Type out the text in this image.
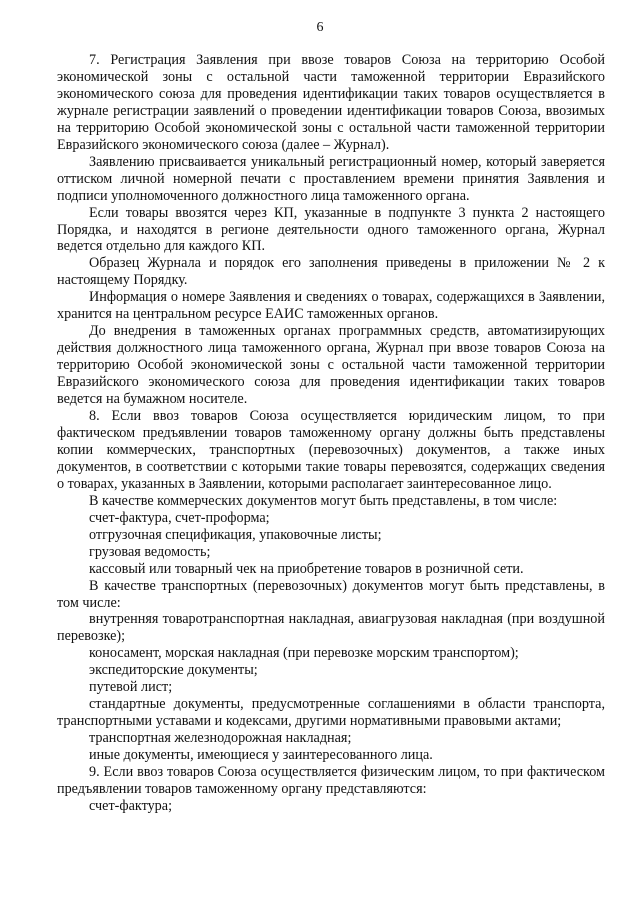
6

7. Регистрация Заявления при ввозе товаров Союза на территорию Особой экономической зоны с остальной части таможенной территории Евразийского экономического союза для проведения идентификации таких товаров осуществляется в журнале регистрации заявлений о проведении идентификации товаров Союза, ввозимых на территорию Особой экономической зоны с остальной части таможенной территории Евразийского экономического союза (далее – Журнал).

Заявлению присваивается уникальный регистрационный номер, который заверяется оттиском личной номерной печати с проставлением времени принятия Заявления и подписи уполномоченного должностного лица таможенного органа.

Если товары ввозятся через КП, указанные в подпункте 3 пункта 2 настоящего Порядка, и находятся в регионе деятельности одного таможенного органа, Журнал ведется отдельно для каждого КП.

Образец Журнала и порядок его заполнения приведены в приложении № 2 к настоящему Порядку.

Информация о номере Заявления и сведениях о товарах, содержащихся в Заявлении, хранится на центральном ресурсе ЕАИС таможенных органов.

До внедрения в таможенных органах программных средств, автоматизирующих действия должностного лица таможенного органа, Журнал при ввозе товаров Союза на территорию Особой экономической зоны с остальной части таможенной территории Евразийского экономического союза для проведения идентификации таких товаров ведется на бумажном носителе.

8. Если ввоз товаров Союза осуществляется юридическим лицом, то при фактическом предъявлении товаров таможенному органу должны быть представлены копии коммерческих, транспортных (перевозочных) документов, а также иных документов, в соответствии с которыми такие товары перевозятся, содержащих сведения о товарах, указанных в Заявлении, которыми располагает заинтересованное лицо.

В качестве коммерческих документов могут быть представлены, в том числе:

счет-фактура, счет-проформа;

отгрузочная спецификация, упаковочные листы;

грузовая ведомость;

кассовый или товарный чек на приобретение товаров в розничной сети.

В качестве транспортных (перевозочных) документов могут быть представлены, в том числе:

внутренняя товаротранспортная накладная, авиагрузовая накладная (при воздушной перевозке);

коносамент, морская накладная (при перевозке морским транспортом);

экспедиторские документы;

путевой лист;

стандартные документы, предусмотренные соглашениями в области транспорта, транспортными уставами и кодексами, другими нормативными правовыми актами;

транспортная железнодорожная накладная;

иные документы, имеющиеся у заинтересованного лица.

9. Если ввоз товаров Союза осуществляется физическим лицом, то при фактическом предъявлении товаров таможенному органу представляются:

счет-фактура;
